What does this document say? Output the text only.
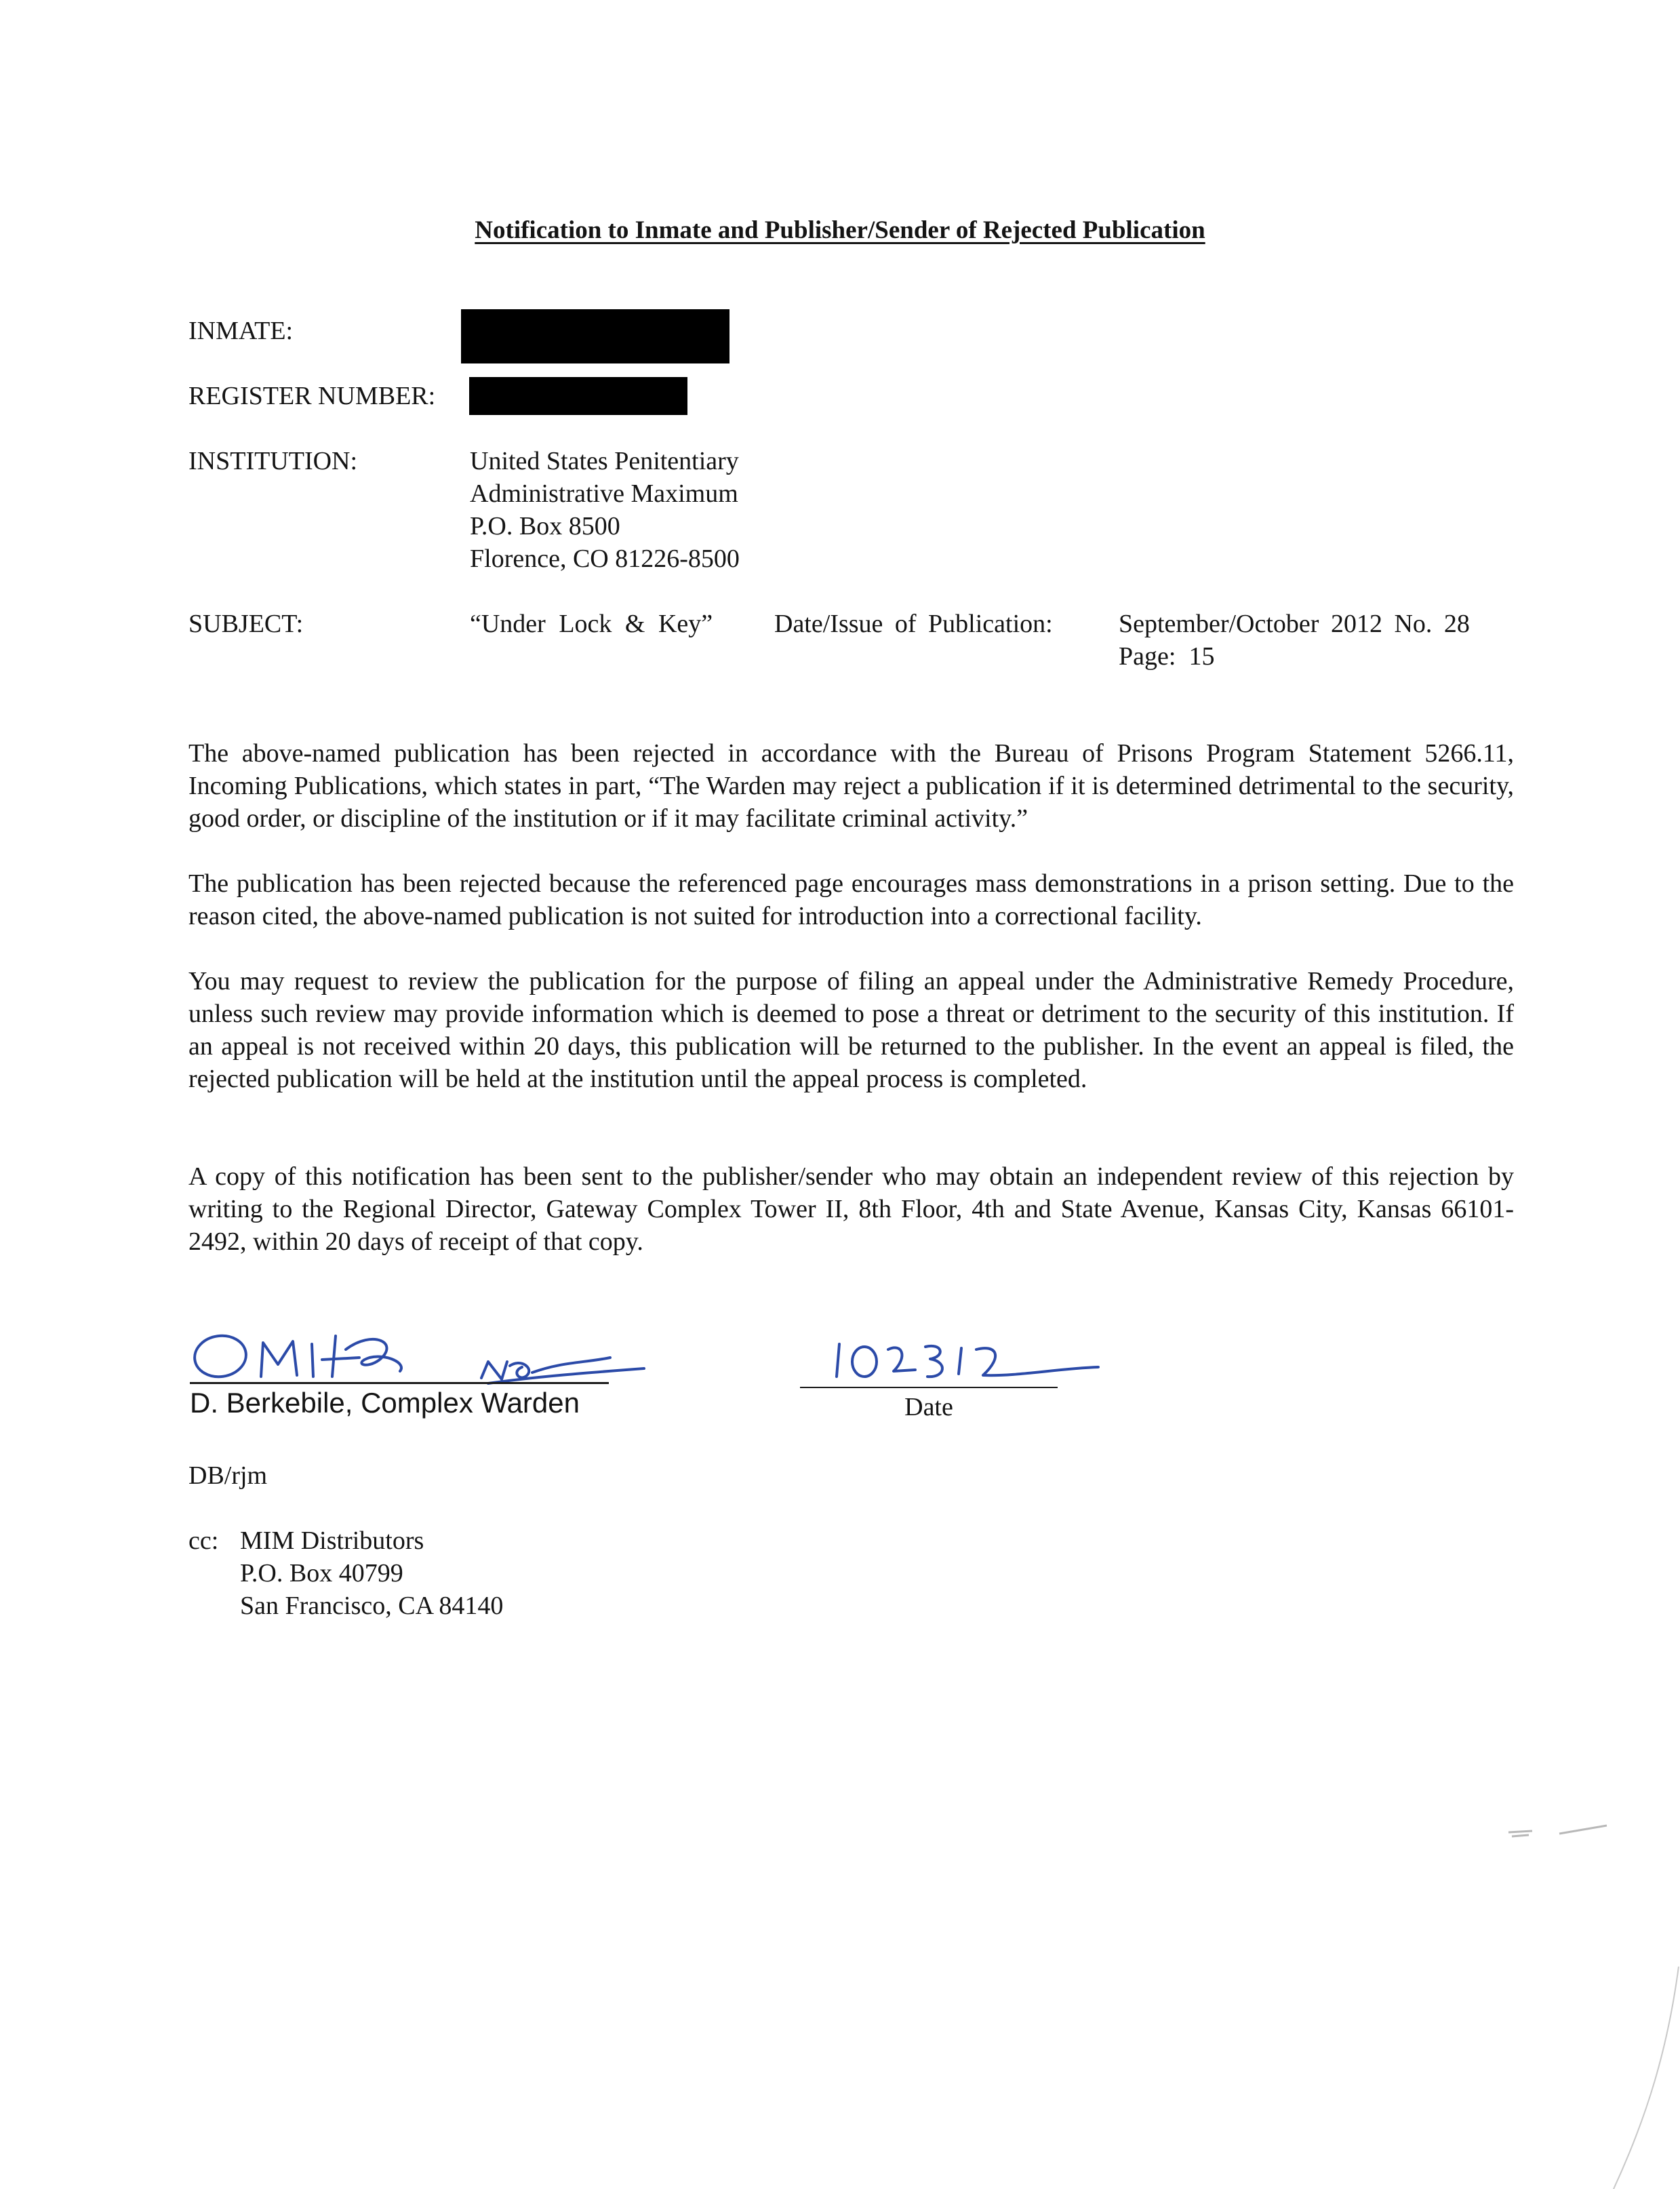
Notification to Inmate and Publisher/Sender of Rejected Publication
INMATE:
REGISTER NUMBER:
INSTITUTION:	United States Penitentiary
Administrative Maximum
P.O. Box 8500
Florence, CO 81226-8500
SUBJECT:	“Under Lock & Key” Date/Issue of Publication:	September/October 2012 No. 28
Page: 15
The above-named publication has been rejected in accordance with the Bureau of Prisons Program Statement 5266.11, Incoming Publications, which states in part, “The Warden may reject a publication if it is determined detrimental to the security, good order, or discipline of the institution or if it may facilitate criminal activity.”
The publication has been rejected because the referenced page encourages mass demonstrations in a prison setting. Due to the reason cited, the above-named publication is not suited for introduction into a correctional facility.
You may request to review the publication for the purpose of filing an appeal under the Administrative Remedy Procedure, unless such review may provide information which is deemed to pose a threat or detriment to the security of this institution. If an appeal is not received within 20 days, this publication will be returned to the publisher. In the event an appeal is filed, the rejected publication will be held at the institution until the appeal process is completed.
A copy of this notification has been sent to the publisher/sender who may obtain an independent review of this rejection by writing to the Regional Director, Gateway Complex Tower II, 8th Floor, 4th and State Avenue, Kansas City, Kansas 66101-2492, within 20 days of receipt of that copy.
D. Berkebile, Complex Warden	Date
DB/rjm
cc: MIM Distributors
P.O. Box 40799
San Francisco, CA 84140
